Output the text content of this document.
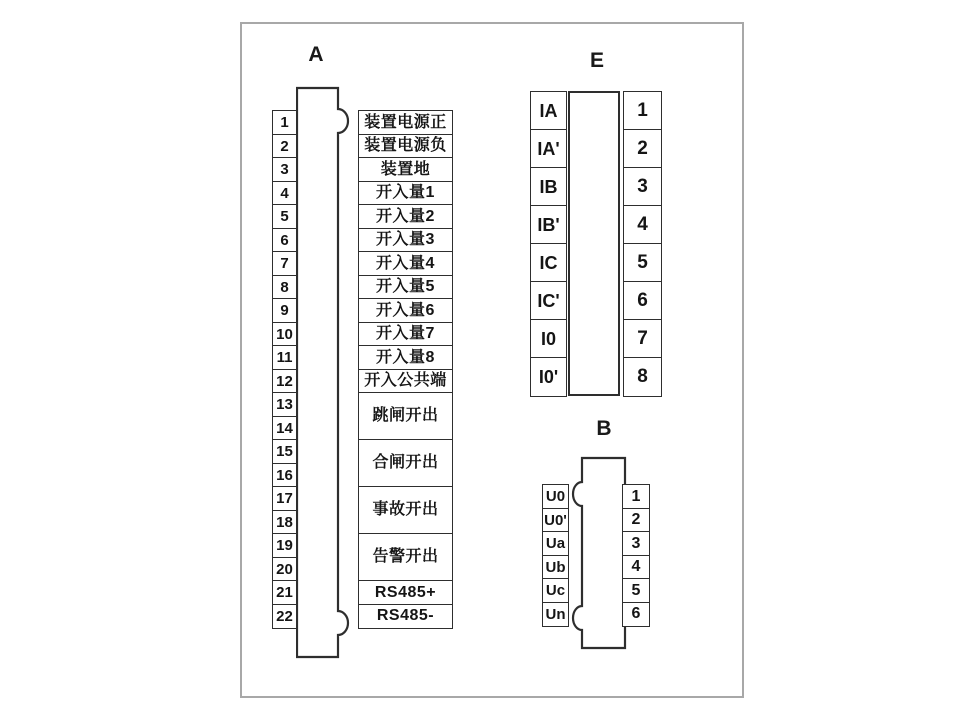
A
1
2
3
4
5
6
7
8
9
10
11
12
13
14
15
16
17
18
19
20
21
22
装置电源正
装置电源负
装置地
开入量1
开入量2
开入量3
开入量4
开入量5
开入量6
开入量7
开入量8
开入公共端
跳闸开出
合闸开出
事故开出
告警开出
RS485+
RS485-
E
IA
IA'
IB
IB'
IC
IC'
I0
I0'
1
2
3
4
5
6
7
8
B
U0
U0'
Ua
Ub
Uc
Un
1
2
3
4
5
6
